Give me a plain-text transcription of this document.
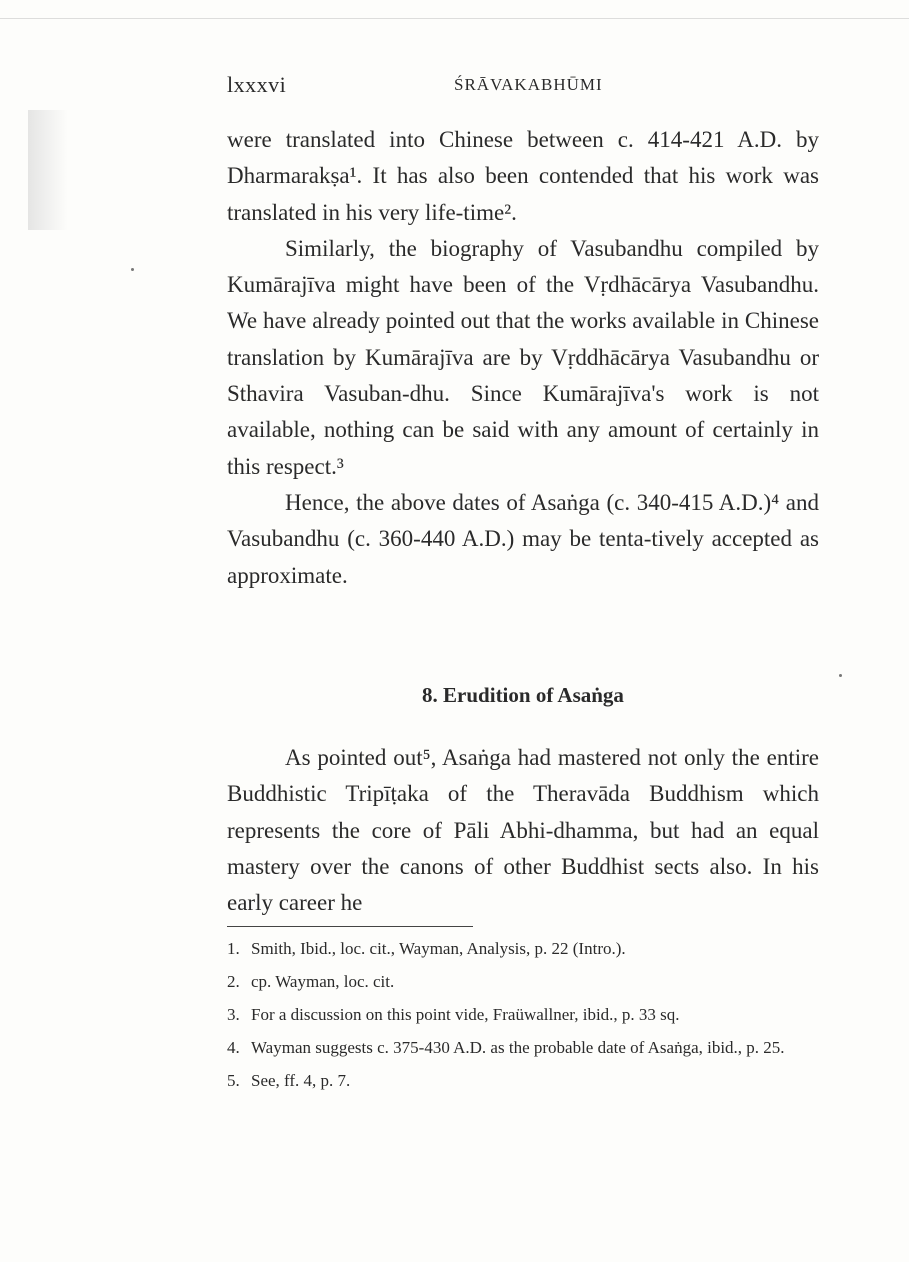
lxxxvi	ŚRĀVAKABHŪMI

were translated into Chinese between c. 414-421 A.D. by Dharmarakṣa¹. It has also been contended that his work was translated in his very life-time².

Similarly, the biography of Vasubandhu compiled by Kumārajīva might have been of the Vṛdhācārya Vasubandhu. We have already pointed out that the works available in Chinese translation by Kumārajīva are by Vṛddhācārya Vasubandhu or Sthavira Vasuban-dhu. Since Kumārajīva's work is not available, nothing can be said with any amount of certainly in this respect.³

Hence, the above dates of Asaṅga (c. 340-415 A.D.)⁴ and Vasubandhu (c. 360-440 A.D.) may be tenta-tively accepted as approximate.

8. Erudition of Asaṅga

As pointed out⁵, Asaṅga had mastered not only the entire Buddhistic Tripīṭaka of the Theravāda Buddhism which represents the core of Pāli Abhi-dhamma, but had an equal mastery over the canons of other Buddhist sects also. In his early career he

1. Smith, Ibid., loc. cit., Wayman, Analysis, p. 22 (Intro.).
2. cp. Wayman, loc. cit.
3. For a discussion on this point vide, Fraüwallner, ibid., p. 33 sq.
4. Wayman suggests c. 375-430 A.D. as the probable date of Asaṅga, ibid., p. 25.
5. See, ff. 4, p. 7.
